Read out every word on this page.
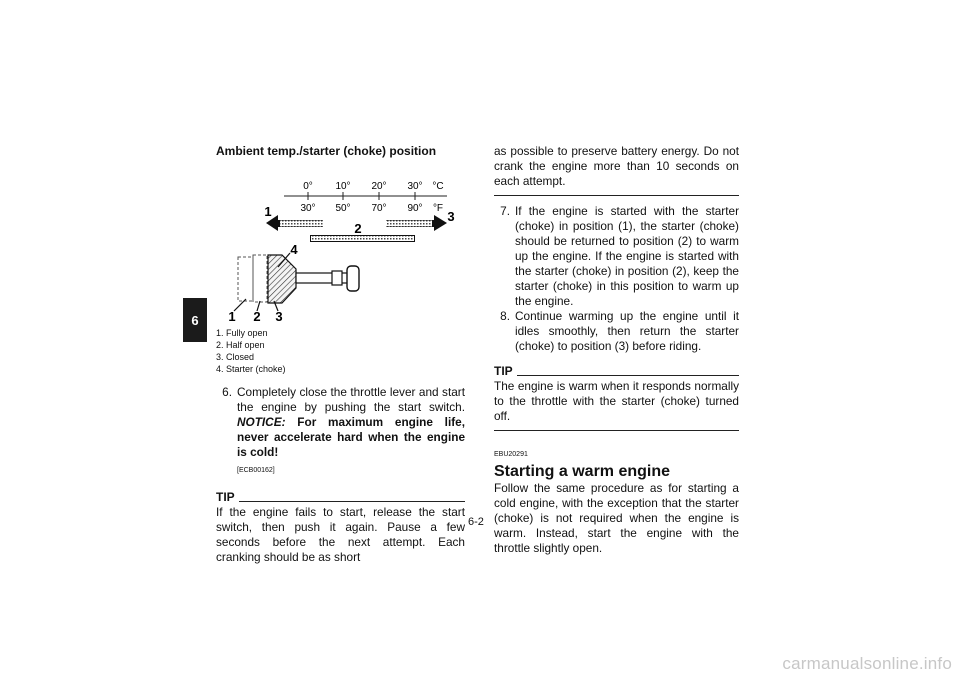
6
Ambient temp./starter (choke) position
0° 10° 20° 30° °C
30° 50° 70° 90° °F
1	3
2
4
1 2 3
1. Fully open
2. Half open
3. Closed
4. Starter (choke)
6. Completely close the throttle lever and start the engine by pushing the start switch. NOTICE: For maximum engine life, never accelerate hard when the engine is cold!
[ECB00162]
TIP
If the engine fails to start, release the start switch, then push it again. Pause a few seconds before the next attempt. Each cranking should be as short
as possible to preserve battery energy. Do not crank the engine more than 10 seconds on each attempt.
7. If the engine is started with the starter (choke) in position (1), the starter (choke) should be returned to position (2) to warm up the engine. If the engine is started with the starter (choke) in position (2), keep the starter (choke) in this position to warm up the engine.
8. Continue warming up the engine until it idles smoothly, then return the starter (choke) to position (3) before riding.
TIP
The engine is warm when it responds normally to the throttle with the starter (choke) turned off.
EBU20291
Starting a warm engine
Follow the same procedure as for starting a cold engine, with the exception that the starter (choke) is not required when the engine is warm. Instead, start the engine with the throttle slightly open.
6-2
carmanualsonline.info
